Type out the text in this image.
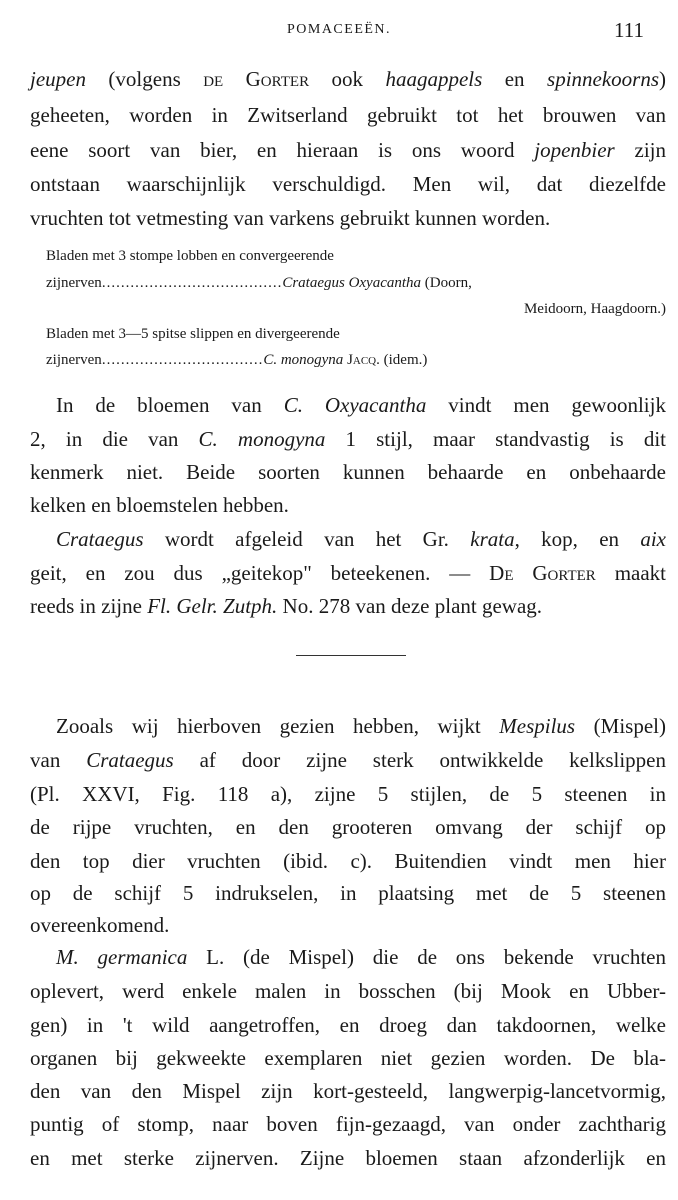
POMACEEËN.	111
jeupen (volgens de Gorter ook haagappels en spinnekoorns)
geheeten, worden in Zwitserland gebruikt tot het brouwen van
eene soort van bier, en hieraan is ons woord jopenbier zijn
ontstaan waarschijnlijk verschuldigd. Men wil, dat diezelfde
vruchten tot vetmesting van varkens gebruikt kunnen worden.
Bladen met 3 stompe lobben en convergeerende
zijnerven......................................Crataegus Oxyacantha (Doorn,
Meidoorn, Haagdoorn.)
Bladen met 3—5 spitse slippen en divergeerende
zijnerven..................................C. monogyna Jacq. (idem.)
In de bloemen van C. Oxyacantha vindt men gewoonlijk
2, in die van C. monogyna 1 stijl, maar standvastig is dit
kenmerk niet. Beide soorten kunnen behaarde en onbehaarde
kelken en bloemstelen hebben.
Crataegus wordt afgeleid van het Gr. krata, kop, en aix
geit, en zou dus „geitekop" beteekenen. — De Gorter maakt
reeds in zijne Fl. Gelr. Zutph. No. 278 van deze plant gewag.
Zooals wij hierboven gezien hebben, wijkt Mespilus (Mispel)
van Crataegus af door zijne sterk ontwikkelde kelkslippen
(Pl. XXVI, Fig. 118 a), zijne 5 stijlen, de 5 steenen in
de rijpe vruchten, en den grooteren omvang der schijf op
den top dier vruchten (ibid. c). Buitendien vindt men hier
op de schijf 5 indrukselen, in plaatsing met de 5 steenen
overeenkomend.
M. germanica L. (de Mispel) die de ons bekende vruchten
oplevert, werd enkele malen in bosschen (bij Mook en Ubber-
gen) in 't wild aangetroffen, en droeg dan takdoornen, welke
organen bij gekweekte exemplaren niet gezien worden. De bla-
den van den Mispel zijn kort-gesteeld, langwerpig-lancetvormig,
puntig of stomp, naar boven fijn-gezaagd, van onder zachtharig
en met sterke zijnerven. Zijne bloemen staan afzonderlijk en
